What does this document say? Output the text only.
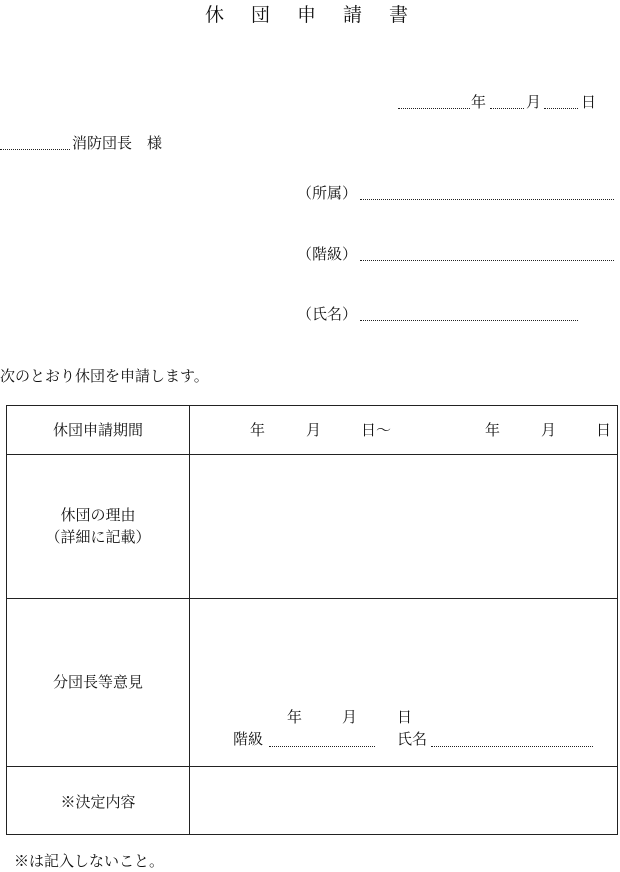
休　団　申　請　書
年	月	日
消防団長　様
（所属）
（階級）
（氏名）
次のとおり休団を申請します。
休団申請期間	年	月	日～	年	月	日
休団の理由
（詳細に記載）
分団長等意見
年	月	日
階級	氏名
※決定内容
※は記入しないこと。
